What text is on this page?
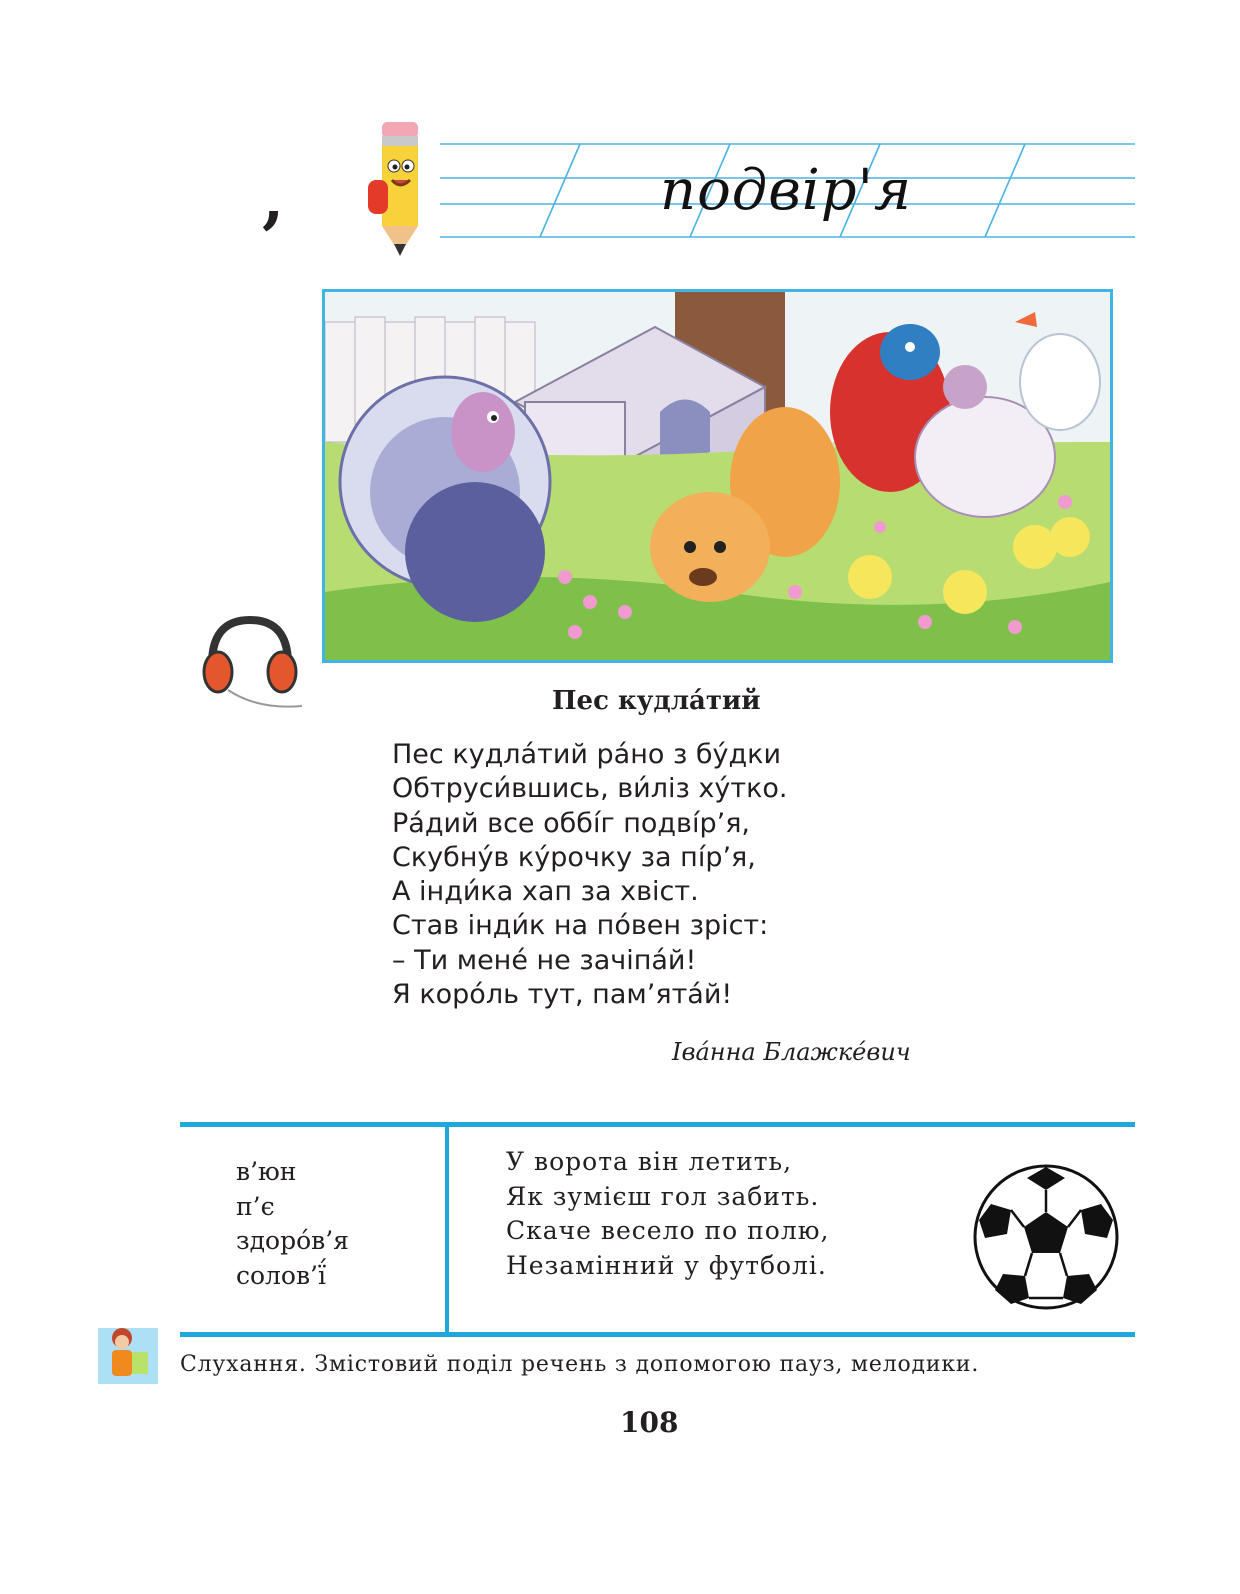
,	подвір'я
Пес кудла́тий
Пес кудла́тий ра́но з бу́дки
Обтруси́вшись, ви́ліз ху́тко.
Ра́дий все оббі́г подві́р’я,
Скубну́в ку́рочку за пі́р’я,
А інди́ка хап за хвіст.
Став інди́к на по́вен зріст:
– Ти мене́ не зачіпа́й!
Я коро́ль тут, пам’ята́й!
Іва́нна Блажке́вич
в’юн
п’є
здоро́в’я
солов’ї́
У ворота він летить,
Як зумієш гол забить.
Скаче весело по полю,
Незамінний у футболі.
Слухання. Змістовий поділ речень з допомогою пауз, мелодики.
108
